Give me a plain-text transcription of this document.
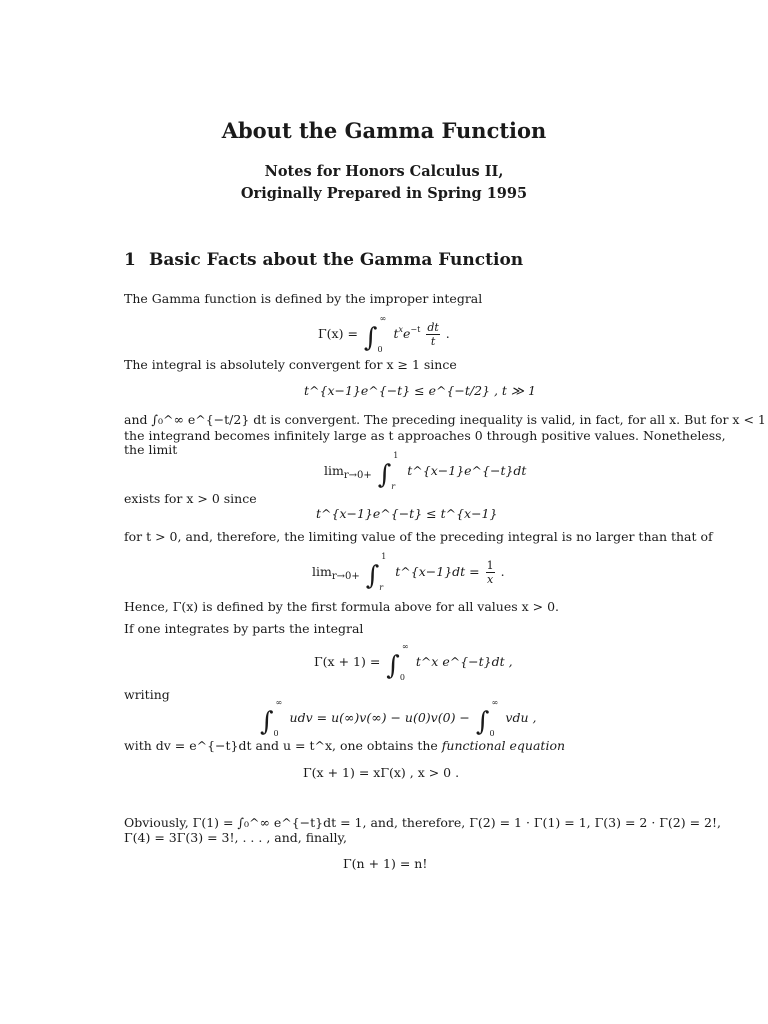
About the Gamma Function
Notes for Honors Calculus II,
Originally Prepared in Spring 1995
1 Basic Facts about the Gamma Function
The Gamma function is defined by the improper integral
Γ(x) = ∫
∞
0
$t^xe^{-t} \frac{dt}{t}$ .
The integral is absolutely convergent for x ≥ 1 since
t^{x−1}e^{−t} ≤ e^{−t/2} , t ≫ 1
and ∫₀^∞ e^{−t/2} dt is convergent. The preceding inequality is valid, in fact, for all x. But for x < 1
the integrand becomes infinitely large as t approaches 0 through positive values. Nonetheless,
the limit
$\lim_{r\to 0+}$ ∫
1
r
t^{x−1}e^{−t}dt
exists for x > 0 since
t^{x−1}e^{−t} ≤ t^{x−1}
for t > 0, and, therefore, the limiting value of the preceding integral is no larger than that of
$\lim_{r\to 0+}$ ∫
1
r
t^{x−1}dt = $\frac{1}{x}$ .
Hence, Γ(x) is defined by the first formula above for all values x > 0.
If one integrates by parts the integral
Γ(x + 1) = ∫
∞
0
t^x e^{−t}dt ,
writing
∫
∞
0
udv = u(∞)v(∞) − u(0)v(0) − ∫
∞
0
vdu ,
with dv = e^{−t}dt and u = t^x, one obtains the functional equation
Γ(x + 1) = xΓ(x) , x > 0 .
Obviously, Γ(1) = ∫₀^∞ e^{−t}dt = 1, and, therefore, Γ(2) = 1 · Γ(1) = 1, Γ(3) = 2 · Γ(2) = 2!,
Γ(4) = 3Γ(3) = 3!, . . . , and, finally,
Γ(n + 1) = n!
